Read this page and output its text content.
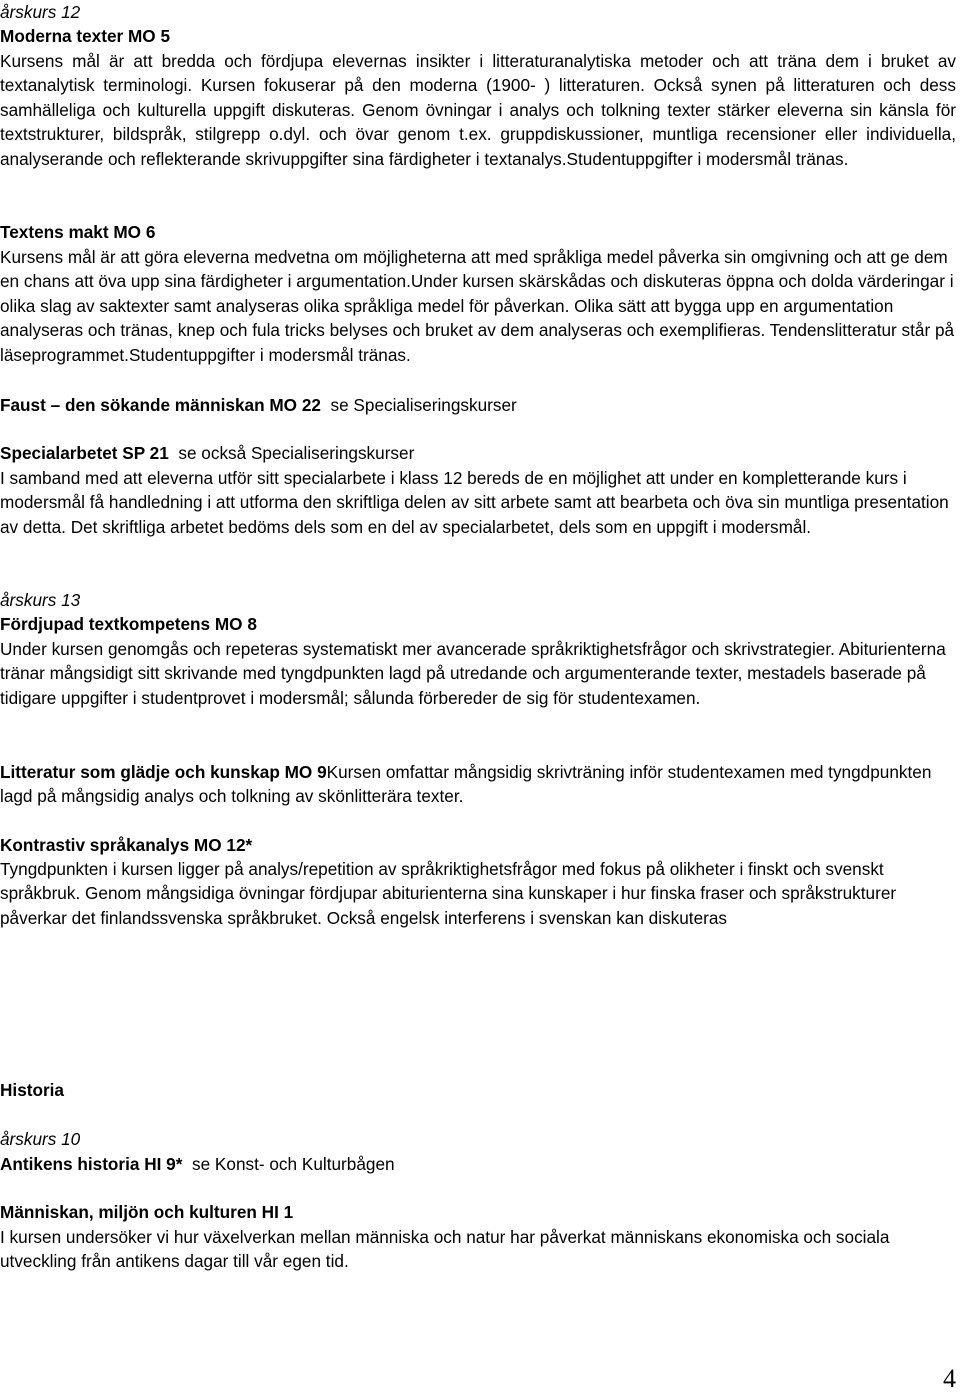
årskurs 12
Moderna texter MO 5
Kursens mål är att bredda och fördjupa elevernas insikter i litteraturanalytiska metoder och att träna dem i bruket av textanalytisk terminologi. Kursen fokuserar på den moderna (1900- ) litteraturen. Också synen på litteraturen och dess samhälleliga och kulturella uppgift diskuteras. Genom övningar i analys och tolkning texter stärker eleverna sin känsla för textstrukturer, bildspråk, stilgrepp o.dyl. och övar genom t.ex. gruppdiskussioner, muntliga recensioner eller individuella, analyserande och reflekterande skrivuppgifter sina färdigheter i textanalys.Studentuppgifter i modersmål tränas.
Textens makt MO 6
Kursens mål är att göra eleverna medvetna om möjligheterna att med språkliga medel påverka sin omgivning och att ge dem en chans att öva upp sina färdigheter i argumentation.Under kursen skärskådas och diskuteras öppna och dolda värderingar i olika slag av saktexter samt analyseras olika språkliga medel för påverkan. Olika sätt att bygga upp en argumentation analyseras och tränas, knep och fula tricks belyses och bruket av dem analyseras och exemplifieras. Tendenslitteratur står på läseprogrammet.Studentuppgifter i modersmål tränas.
Faust – den sökande människan MO 22 se Specialiseringskurser
Specialarbetet SP 21 se också Specialiseringskurser
I samband med att eleverna utför sitt specialarbete i klass 12 bereds de en möjlighet att under en kompletterande kurs i modersmål få handledning i att utforma den skriftliga delen av sitt arbete samt att bearbeta och öva sin muntliga presentation av detta. Det skriftliga arbetet bedöms dels som en del av specialarbetet, dels som en uppgift i modersmål.
årskurs 13
Fördjupad textkompetens MO 8
Under kursen genomgås och repeteras systematiskt mer avancerade språkriktighetsfrågor och skrivstrategier. Abiturienterna tränar mångsidigt sitt skrivande med tyngdpunkten lagd på utredande och argumenterande texter, mestadels baserade på tidigare uppgifter i studentprovet i modersmål; sålunda förbereder de sig för studentexamen.
Litteratur som glädje och kunskap MO 9Kursen omfattar mångsidig skrivträning inför studentexamen med tyngdpunkten lagd på mångsidig analys och tolkning av skönlitterära texter.
Kontrastiv språkanalys MO 12*
Tyngdpunkten i kursen ligger på analys/repetition av språkriktighetsfrågor med fokus på olikheter i finskt och svenskt språkbruk. Genom mångsidiga övningar fördjupar abiturienterna sina kunskaper i hur finska fraser och språkstrukturer påverkar det finlandssvenska språkbruket. Också engelsk interferens i svenskan kan diskuteras
Historia
årskurs 10
Antikens historia HI 9* se Konst- och Kulturbågen
Människan, miljön och kulturen HI 1
I kursen undersöker vi hur växelverkan mellan människa och natur har påverkat människans ekonomiska och sociala utveckling från antikens dagar till vår egen tid.
4
